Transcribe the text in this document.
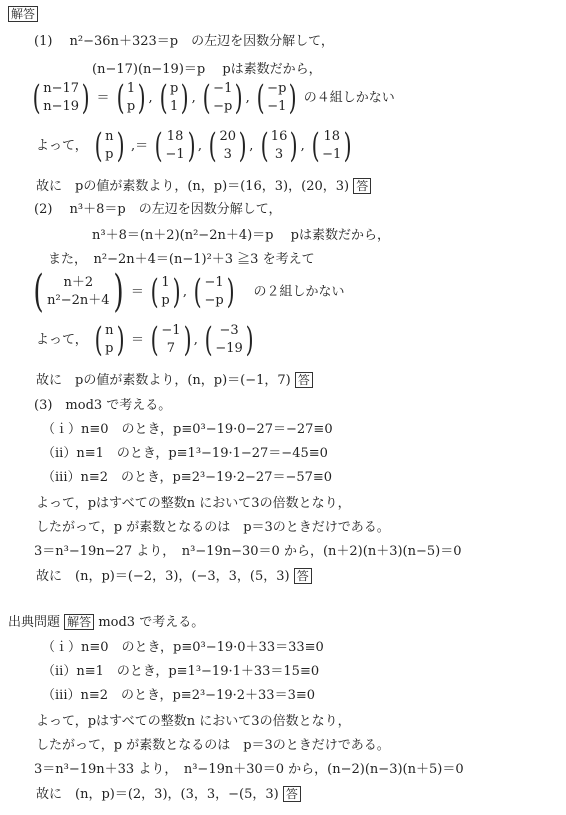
解答
(1)　 n²−36n＋323＝p　の左辺を因数分解して，
(n−17)(n−19)＝p　 pは素数だから，
( n−17
n−19 ) ＝ ( 1
p ) , ( p
1 ) , ( −1
−p ) , ( −p
−1 ) の４組しかない
よって， ( n
p ) ,＝ ( 18
−1 ) , ( 20
3 ) , ( 16
3 ) , ( 18
−1 )
故に　pの値が素数より，(n，p)＝(16，3)，(20，3) 答
(2)　 n³＋8＝p　の左辺を因数分解して，
n³＋8＝(n＋2)(n²−2n＋4)＝p　 pは素数だから，
また，　n²−2n＋4＝(n−1)²＋3 ≧3 を考えて
(	n＋2
n²−2n＋4 ) ＝ ( 1
p ) , ( −1
−p ) の２組しかない
よって， ( n
p ) ＝ ( −1
7 ) , ( −3
−19 )
故に　pの値が素数より，(n，p)＝(−1，7) 答
(3)　mod3 で考える。
（ｉ）n≡0　のとき，p≡0³−19·0−27＝−27≡0
（ii）n≡1　のとき，p≡1³−19·1−27＝−45≡0
（iii）n≡2　のとき，p≡2³−19·2−27＝−57≡0
よって，pはすべての整数n において3の倍数となり，
したがって，p が素数となるのは　p＝3のときだけである。
3＝n³−19n−27 より，　n³−19n−30＝0 から，(n＋2)(n＋3)(n−5)＝0
故に　(n，p)＝(−2，3)，(−3，3，(5，3) 答
出典問題 解答 mod3 で考える。
（ｉ）n≡0　のとき，p≡0³−19·0＋33＝33≡0
（ii）n≡1　のとき，p≡1³−19·1＋33＝15≡0
（iii）n≡2　のとき，p≡2³−19·2＋33＝3≡0
よって，pはすべての整数n において3の倍数となり，
したがって，p が素数となるのは　p＝3のときだけである。
3＝n³−19n＋33 より，　n³−19n＋30＝0 から，(n−2)(n−3)(n＋5)＝0
故に　(n，p)＝(2，3)，(3，3，−(5，3) 答
